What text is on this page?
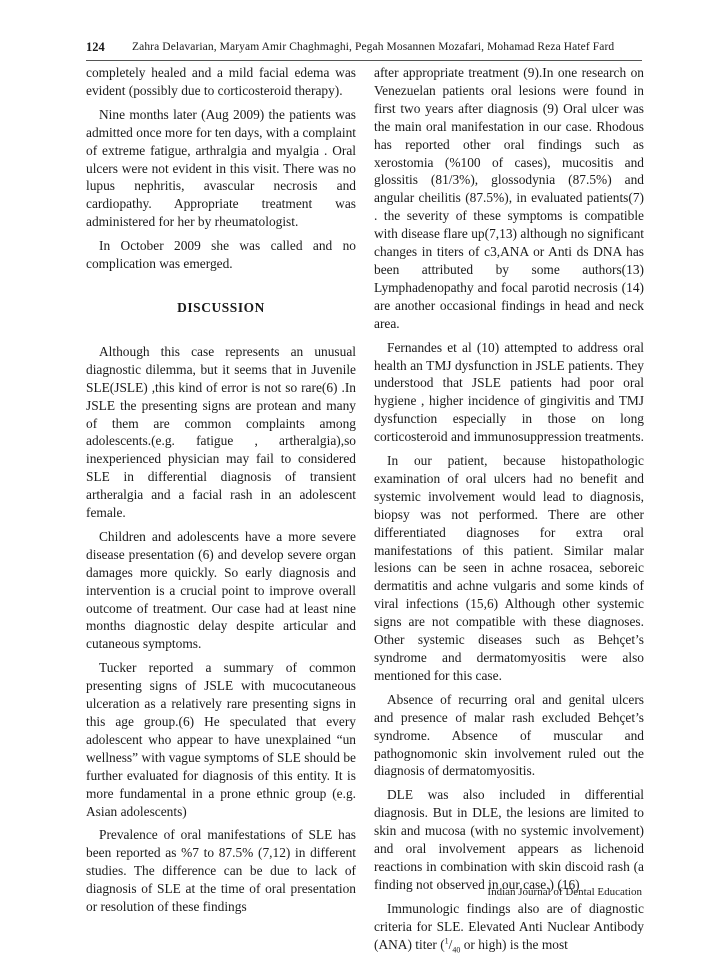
124 Zahra Delavarian, Maryam Amir Chaghmaghi, Pegah Mosannen Mozafari, Mohamad Reza Hatef Fard

completely healed and a mild facial edema was evident (possibly due to corticosteroid therapy).

Nine months later (Aug 2009) the patients was admitted once more for ten days, with a complaint of extreme fatigue, arthralgia and myalgia . Oral ulcers were not evident in this visit. There was no lupus nephritis, avascular necrosis and cardiopathy. Appropriate treatment was administered for her by rheumatologist.

In October 2009 she was called and no complication was emerged.

DISCUSSION

Although this case represents an unusual diagnostic dilemma, but it seems that in Juvenile SLE(JSLE) ,this kind of error is not so rare(6) .In JSLE the presenting signs are protean and many of them are common complaints among adolescents.(e.g. fatigue , artheralgia),so inexperienced physician may fail to considered SLE in differential diagnosis of transient artheralgia and a facial rash in an adolescent female.

Children and adolescents have a more severe disease presentation (6) and develop severe organ damages more quickly. So early diagnosis and intervention is a crucial point to improve overall outcome of treatment. Our case had at least nine months diagnostic delay despite articular and cutaneous symptoms.

Tucker reported a summary of common presenting signs of JSLE with mucocutaneous ulceration as a relatively rare presenting signs in this age group.(6) He speculated that every adolescent who appear to have unexplained “un wellness” with vague symptoms of SLE should be further evaluated for diagnosis of this entity. It is more fundamental in a prone ethnic group (e.g. Asian adolescents)

Prevalence of oral manifestations of SLE has been reported as %7 to 87.5% (7,12) in different studies. The difference can be due to lack of diagnosis of SLE at the time of oral presentation or resolution of these findings

after appropriate treatment (9).In one research on Venezuelan patients oral lesions were found in first two years after diagnosis (9) Oral ulcer was the main oral manifestation in our case. Rhodous has reported other oral findings such as xerostomia (%100 of cases), mucositis and glossitis (81/3%), glossodynia (87.5%) and angular cheilitis (87.5%), in evaluated patients(7) . the severity of these symptoms is compatible with disease flare up(7,13) although no significant changes in titers of c3,ANA or Anti ds DNA has been attributed by some authors(13) Lymphadenopathy and focal parotid necrosis (14) are another occasional findings in head and neck area.

Fernandes et al (10) attempted to address oral health an TMJ dysfunction in JSLE patients. They understood that JSLE patients had poor oral hygiene , higher incidence of gingivitis and TMJ dysfunction especially in those on long corticosteroid and immunosuppression treatments.

In our patient, because histopathologic examination of oral ulcers had no benefit and systemic involvement would lead to diagnosis, biopsy was not performed. There are other differentiated diagnoses for extra oral manifestations of this patient. Similar malar lesions can be seen in achne rosacea, seboreic dermatitis and achne vulgaris and some kinds of viral infections (15,6) Although other systemic signs are not compatible with these diagnoses. Other systemic diseases such as Behçet’s syndrome and dermatomyositis were also mentioned for this case.

Absence of recurring oral and genital ulcers and presence of malar rash excluded Behçet’s syndrome. Absence of muscular and pathognomonic skin involvement ruled out the diagnosis of dermatomyositis.

DLE was also included in differential diagnosis. But in DLE, the lesions are limited to skin and mucosa (with no systemic involvement) and oral involvement appears as lichenoid reactions in combination with skin discoid rash (a finding not observed in our case.) (16)

Immunologic findings also are of diagnostic criteria for SLE. Elevated Anti Nuclear Antibody (ANA) titer ($^1/_{40}$ or high) is the most

Indian Journal of Dental Education
